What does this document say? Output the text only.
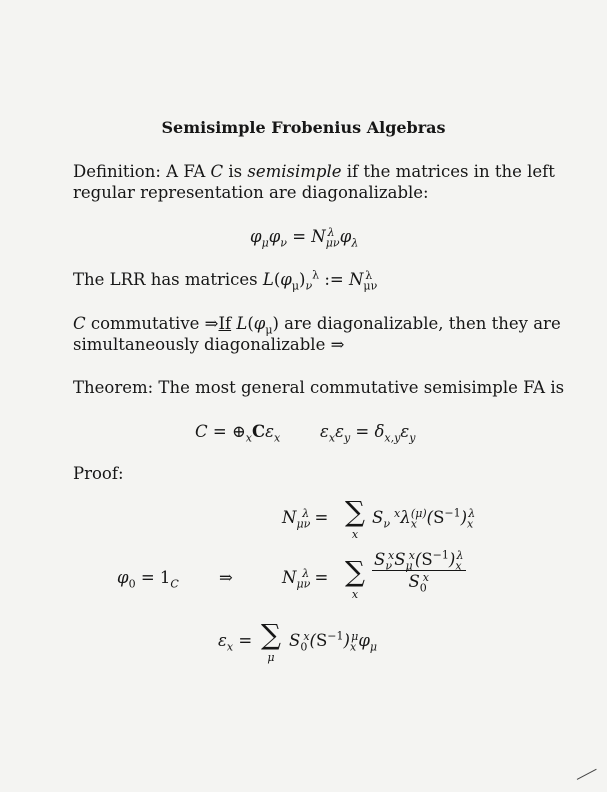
Semisimple Frobenius Algebras
Definition: A FA C is semisimple if the matrices in the left
regular representation are diagonalizable:
$\varphi_\mu\varphi_\nu = N_{\mu\nu}^\lambda$ $\varphi_\lambda$
The LRR has matrices $L(\varphi_\mu)_\nu^\lambda$ := $N_{\mu\nu}^\lambda$
C commutative ⇒If $L(\varphi_\mu)$ are diagonalizable, then they are
simultaneously diagonalizable ⇒
Theorem: The most general commutative semisimple FA is
$C = \oplus_xC\varepsilon_x$ $\varepsilon_x\varepsilon_y = \delta_{x,y}\varepsilon_y$
Proof:
$N_{\mu\nu}^\lambda$ = ∑
x
$S_\nu^x\lambda_x^{(\mu)}(S^{-1})_x^\lambda$
$\varphi_0 = 1_C$ ⇒	$N_{\mu\nu}^\lambda$ = ∑
x
$\frac{S_\nu^xS_\mu^x(S^{-1})_x^\lambda}{S_0^x}$
$\varepsilon_x$ = ∑
μ
$S_0^x(S^{-1})_x^\mu\varphi_\mu$
